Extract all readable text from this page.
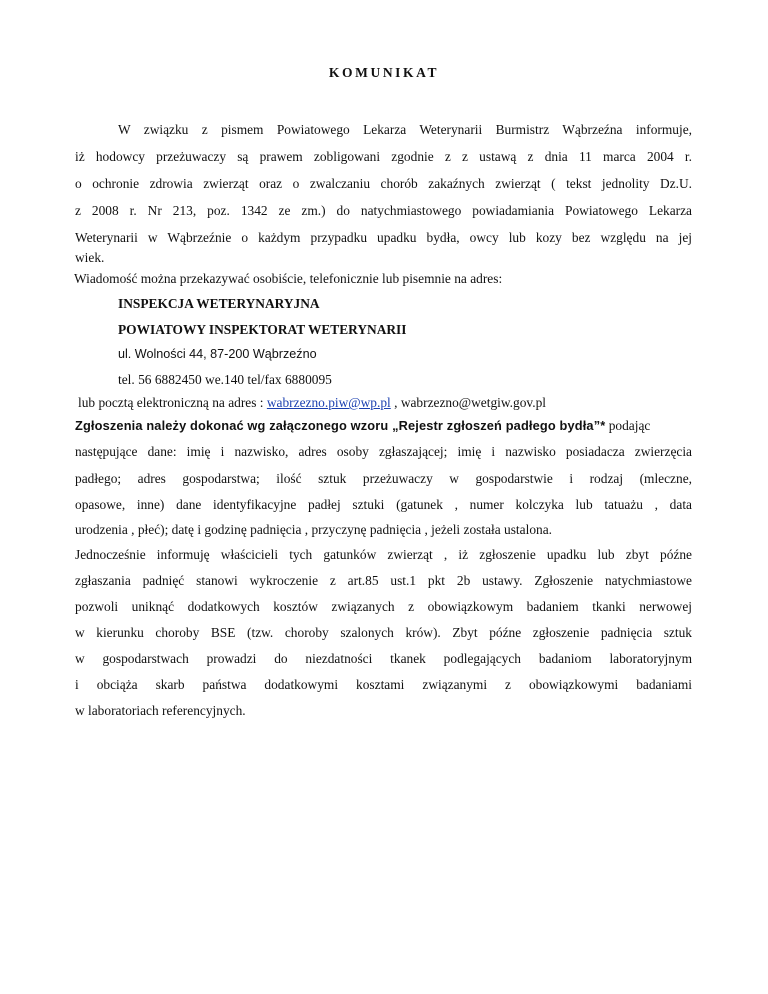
KOMUNIKAT
W związku z pismem Powiatowego Lekarza Weterynarii Burmistrz Wąbrzeźna informuje,
iż hodowcy przeżuwaczy są prawem zobligowani zgodnie z z ustawą z dnia 11 marca 2004 r.
o ochronie zdrowia zwierząt oraz o zwalczaniu chorób zakaźnych zwierząt ( tekst jednolity Dz.U.
z 2008 r. Nr 213, poz. 1342 ze zm.) do natychmiastowego powiadamiania Powiatowego Lekarza
Weterynarii w Wąbrzeźnie o każdym przypadku upadku bydła, owcy lub kozy bez względu na jej
wiek.
Wiadomość można przekazywać osobiście, telefonicznie lub pisemnie na adres:
INSPEKCJA WETERYNARYJNA
POWIATOWY INSPEKTORAT WETERYNARII
ul. Wolności 44, 87-200 Wąbrzeźno
tel. 56 6882450 we.140 tel/fax 6880095
lub pocztą elektroniczną na adres : wabrzezno.piw@wp.pl , wabrzezno@wetgiw.gov.pl
Zgłoszenia należy dokonać wg załączonego wzoru „Rejestr zgłoszeń padłego bydła”* podając
następujące dane: imię i nazwisko, adres osoby zgłaszającej; imię i nazwisko posiadacza zwierzęcia
padłego; adres gospodarstwa; ilość sztuk przeżuwaczy w gospodarstwie i rodzaj (mleczne,
opasowe, inne) dane identyfikacyjne padłej sztuki (gatunek , numer kolczyka lub tatuażu , data
urodzenia , płeć); datę i godzinę padnięcia , przyczynę padnięcia , jeżeli została ustalona.
Jednocześnie informuję właścicieli tych gatunków zwierząt , iż zgłoszenie upadku lub zbyt późne
zgłaszania padnięć stanowi wykroczenie z art.85 ust.1 pkt 2b ustawy. Zgłoszenie natychmiastowe
pozwoli uniknąć dodatkowych kosztów związanych z obowiązkowym badaniem tkanki nerwowej
w kierunku choroby BSE (tzw. choroby szalonych krów). Zbyt późne zgłoszenie padnięcia sztuk
w gospodarstwach prowadzi do niezdatności tkanek podlegających badaniom laboratoryjnym
i obciąża skarb państwa dodatkowymi kosztami związanymi z obowiązkowymi badaniami
w laboratoriach referencyjnych.
